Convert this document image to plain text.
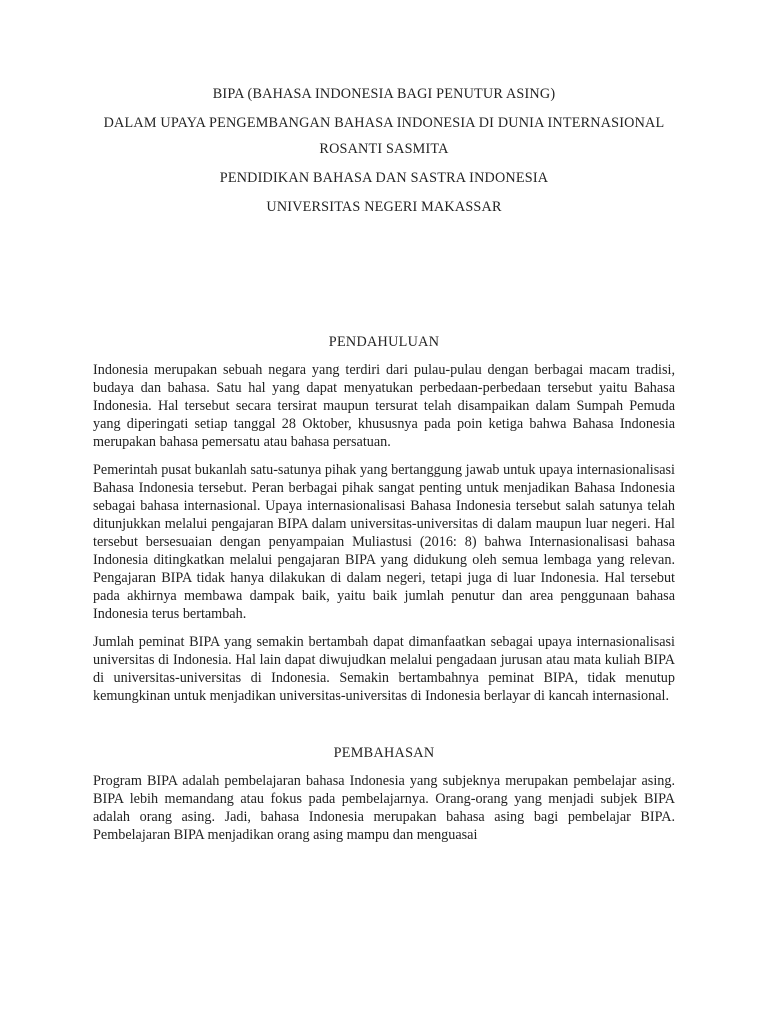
BIPA (BAHASA INDONESIA BAGI PENUTUR ASING)

DALAM UPAYA PENGEMBANGAN BAHASA INDONESIA DI DUNIA INTERNASIONAL

ROSANTI SASMITA

PENDIDIKAN BAHASA DAN SASTRA INDONESIA

UNIVERSITAS NEGERI MAKASSAR

PENDAHULUAN

Indonesia merupakan sebuah negara yang terdiri dari pulau-pulau dengan berbagai macam tradisi, budaya dan bahasa. Satu hal yang dapat menyatukan perbedaan-perbedaan tersebut yaitu Bahasa Indonesia. Hal tersebut secara tersirat maupun tersurat telah disampaikan dalam Sumpah Pemuda yang diperingati setiap tanggal 28 Oktober, khususnya pada poin ketiga bahwa Bahasa Indonesia merupakan bahasa pemersatu atau bahasa persatuan.

Pemerintah pusat bukanlah satu-satunya pihak yang bertanggung jawab untuk upaya internasionalisasi Bahasa Indonesia tersebut. Peran berbagai pihak sangat penting untuk menjadikan Bahasa Indonesia sebagai bahasa internasional. Upaya internasionalisasi Bahasa Indonesia tersebut salah satunya telah ditunjukkan melalui pengajaran BIPA dalam universitas-universitas di dalam maupun luar negeri. Hal tersebut bersesuaian dengan penyampaian Muliastusi (2016: 8) bahwa Internasionalisasi bahasa Indonesia ditingkatkan melalui pengajaran BIPA yang didukung oleh semua lembaga yang relevan. Pengajaran BIPA tidak hanya dilakukan di dalam negeri, tetapi juga di luar Indonesia. Hal tersebut pada akhirnya membawa dampak baik, yaitu baik jumlah penutur dan area penggunaan bahasa Indonesia terus bertambah.

Jumlah peminat BIPA yang semakin bertambah dapat dimanfaatkan sebagai upaya internasionalisasi universitas di Indonesia. Hal lain dapat diwujudkan melalui pengadaan jurusan atau mata kuliah BIPA di universitas-universitas di Indonesia. Semakin bertambahnya peminat BIPA, tidak menutup kemungkinan untuk menjadikan universitas-universitas di Indonesia berlayar di kancah internasional.

PEMBAHASAN

Program BIPA adalah pembelajaran bahasa Indonesia yang subjeknya merupakan pembelajar asing. BIPA lebih memandang atau fokus pada pembelajarnya. Orang-orang yang menjadi subjek BIPA adalah orang asing. Jadi, bahasa Indonesia merupakan bahasa asing bagi pembelajar BIPA. Pembelajaran BIPA menjadikan orang asing mampu dan menguasai
